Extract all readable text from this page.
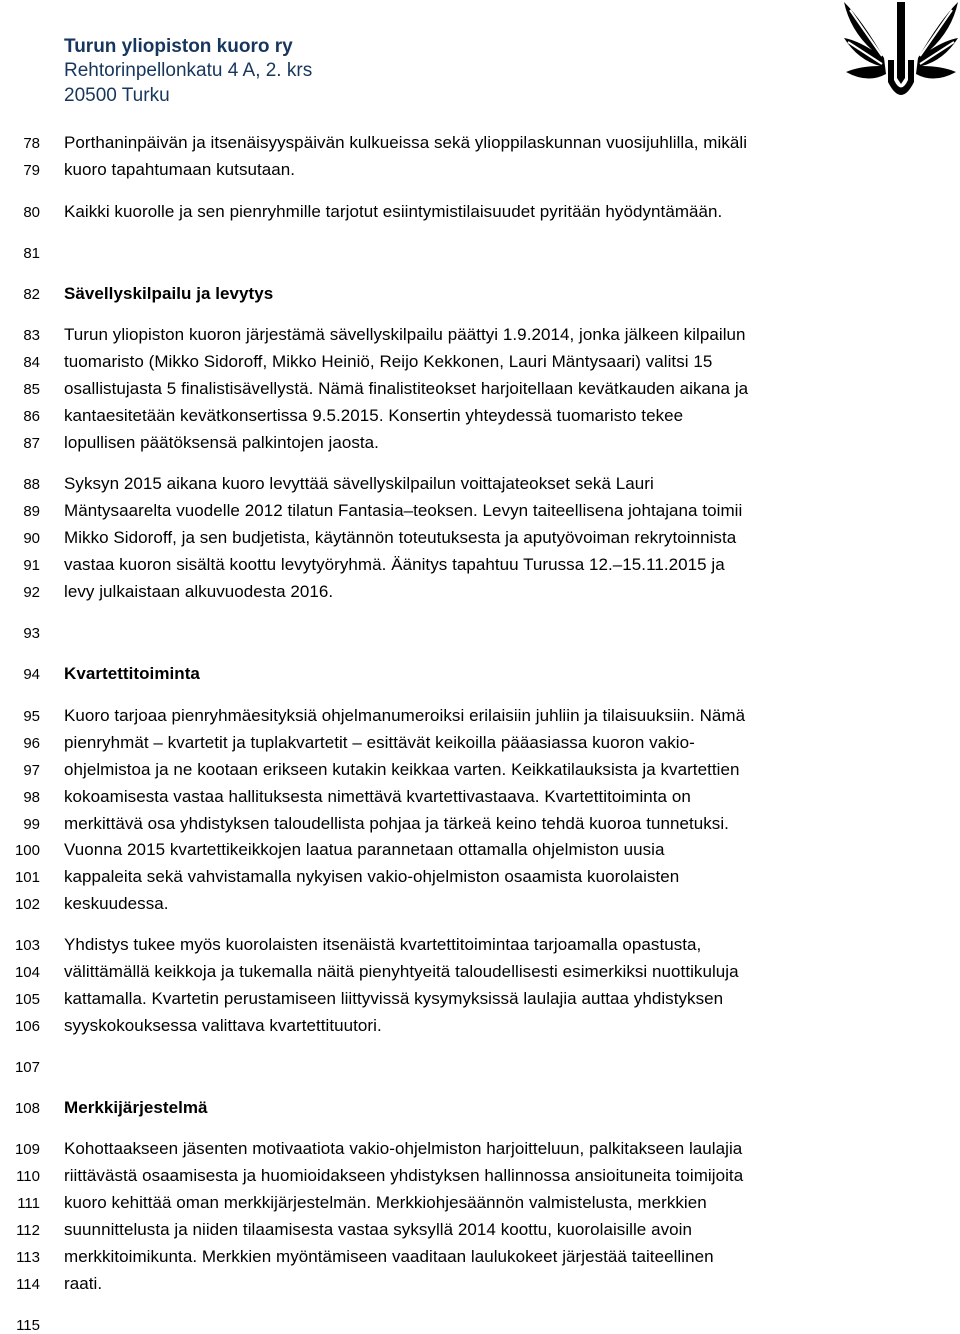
Turun yliopiston kuoro ry
Rehtorinpellonkatu 4 A, 2. krs
20500 Turku
78
79
80
81
82
83
84
85
86
87
88
89
90
91
92
93
94
95
96
97
98
99
100
101
102
103
104
105
106
107
108
109
110
111
112
113
114
115
Porthaninpäivän ja itsenäisyyspäivän kulkueissa sekä ylioppilaskunnan vuosijuhlilla, mikäli
kuoro tapahtumaan kutsutaan.
Kaikki kuorolle ja sen pienryhmille tarjotut esiintymistilaisuudet pyritään hyödyntämään.
Sävellyskilpailu ja levytys
Turun yliopiston kuoron järjestämä sävellyskilpailu päättyi 1.9.2014, jonka jälkeen kilpailun
tuomaristo (Mikko Sidoroff, Mikko Heiniö, Reijo Kekkonen, Lauri Mäntysaari) valitsi 15
osallistujasta 5 finalistisävellystä. Nämä finalistiteokset harjoitellaan kevätkauden aikana ja
kantaesitetään kevätkonsertissa 9.5.2015. Konsertin yhteydessä tuomaristo tekee
lopullisen päätöksensä palkintojen jaosta.
Syksyn 2015 aikana kuoro levyttää sävellyskilpailun voittajateokset sekä Lauri
Mäntysaarelta vuodelle 2012 tilatun Fantasia–teoksen. Levyn taiteellisena johtajana toimii
Mikko Sidoroff, ja sen budjetista, käytännön toteutuksesta ja aputyövoiman rekrytoinnista
vastaa kuoron sisältä koottu levytyöryhmä. Äänitys tapahtuu Turussa 12.–15.11.2015 ja
levy julkaistaan alkuvuodesta 2016.
Kvartettitoiminta
Kuoro tarjoaa pienryhmäesityksiä ohjelmanumeroiksi erilaisiin juhliin ja tilaisuuksiin. Nämä
pienryhmät – kvartetit ja tuplakvartetit – esittävät keikoilla pääasiassa kuoron vakio-
ohjelmistoa ja ne kootaan erikseen kutakin keikkaa varten. Keikkatilauksista ja kvartettien
kokoamisesta vastaa hallituksesta nimettävä kvartettivastaava. Kvartettitoiminta on
merkittävä osa yhdistyksen taloudellista pohjaa ja tärkeä keino tehdä kuoroa tunnetuksi.
Vuonna 2015 kvartettikeikkojen laatua parannetaan ottamalla ohjelmiston uusia
kappaleita sekä vahvistamalla nykyisen vakio-ohjelmiston osaamista kuorolaisten
keskuudessa.
Yhdistys tukee myös kuorolaisten itsenäistä kvartettitoimintaa tarjoamalla opastusta,
välittämällä keikkoja ja tukemalla näitä pienyhtyeitä taloudellisesti esimerkiksi nuottikuluja
kattamalla. Kvartetin perustamiseen liittyvissä kysymyksissä laulajia auttaa yhdistyksen
syyskokouksessa valittava kvartettituutori.
Merkkijärjestelmä
Kohottaakseen jäsenten motivaatiota vakio-ohjelmiston harjoitteluun, palkitakseen laulajia
riittävästä osaamisesta ja huomioidakseen yhdistyksen hallinnossa ansioituneita toimijoita
kuoro kehittää oman merkkijärjestelmän. Merkkiohjesäännön valmistelusta, merkkien
suunnittelusta ja niiden tilaamisesta vastaa syksyllä 2014 koottu, kuorolaisille avoin
merkkitoimikunta. Merkkien myöntämiseen vaaditaan laulukokeet järjestää taiteellinen
raati.
